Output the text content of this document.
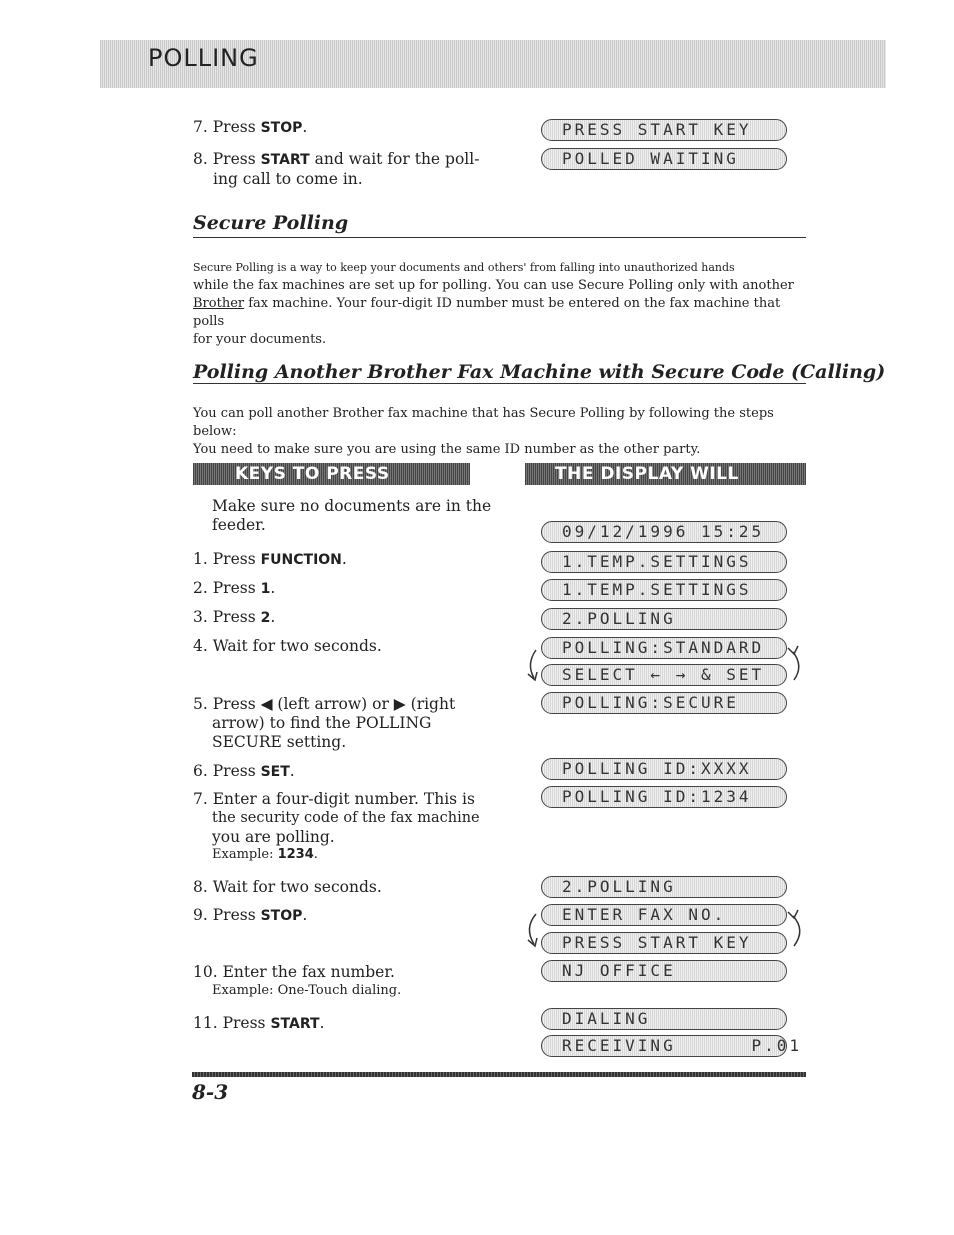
POLLING
7. Press STOP.
8. Press START and wait for the poll-
ing call to come in.
PRESS START KEY
POLLED WAITING
Secure Polling
Secure Polling is a way to keep your documents and others' from falling into unauthorized hands
while the fax machines are set up for polling. You can use Secure Polling only with another
Brother fax machine. Your four-digit ID number must be entered on the fax machine that polls
for your documents.
Polling Another Brother Fax Machine with Secure Code (Calling)
You can poll another Brother fax machine that has Secure Polling by following the steps below:
You need to make sure you are using the same ID number as the other party.
KEYS TO PRESS	THE DISPLAY WILL SHOW:
Make sure no documents are in the
feeder.
1. Press FUNCTION.
2. Press 1.
3. Press 2.
4. Wait for two seconds.
5. Press ◀ (left arrow) or ▶ (right
arrow) to find the POLLING
SECURE setting.
6. Press SET.
7. Enter a four-digit number. This is
the security code of the fax machine
you are polling.
Example: 1234.
8. Wait for two seconds.
9. Press STOP.
10. Enter the fax number.
Example: One-Touch dialing.
11. Press START.
09/12/1996 15:25
1.TEMP.SETTINGS
1.TEMP.SETTINGS
2.POLLING
POLLING:STANDARD
SELECT ← → & SET
POLLING:SECURE
POLLING ID:XXXX
POLLING ID:1234
2.POLLING
ENTER FAX NO.
PRESS START KEY
NJ OFFICE
DIALING
RECEIVING      P.01
8-3
